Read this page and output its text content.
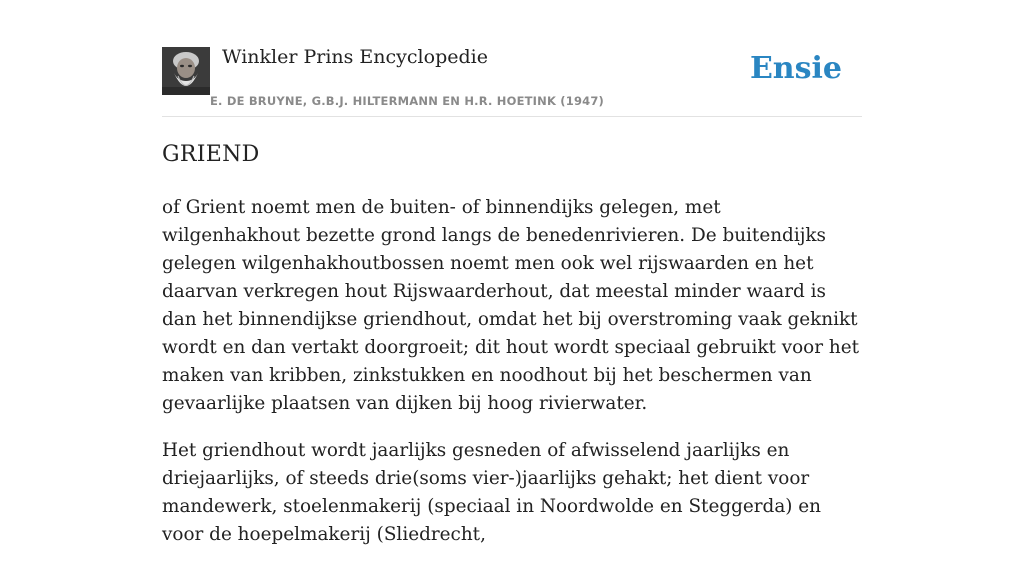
Winkler Prins Encyclopedie
E. DE BRUYNE, G.B.J. HILTERMANN EN H.R. HOETINK (1947)
Ensie
GRIEND

of Grient noemt men de buiten- of binnendijks gelegen, met wilgenhakhout bezette grond langs de benedenrivieren. De buitendijks gelegen wilgenhakhoutbossen noemt men ook wel rijswaarden en het daarvan verkregen hout Rijswaarderhout, dat meestal minder waard is dan het binnendijkse griendhout, omdat het bij overstroming vaak geknikt wordt en dan vertakt doorgroeit; dit hout wordt speciaal gebruikt voor het maken van kribben, zinkstukken en noodhout bij het beschermen van gevaarlijke plaatsen van dijken bij hoog rivierwater.

Het griendhout wordt jaarlijks gesneden of afwisselend jaarlijks en driejaarlijks, of steeds drie(soms vier-)jaarlijks gehakt; het dient voor mandewerk, stoelenmakerij (speciaal in Noordwolde en Steggerda) en voor de hoepelmakerij (Sliedrecht,
